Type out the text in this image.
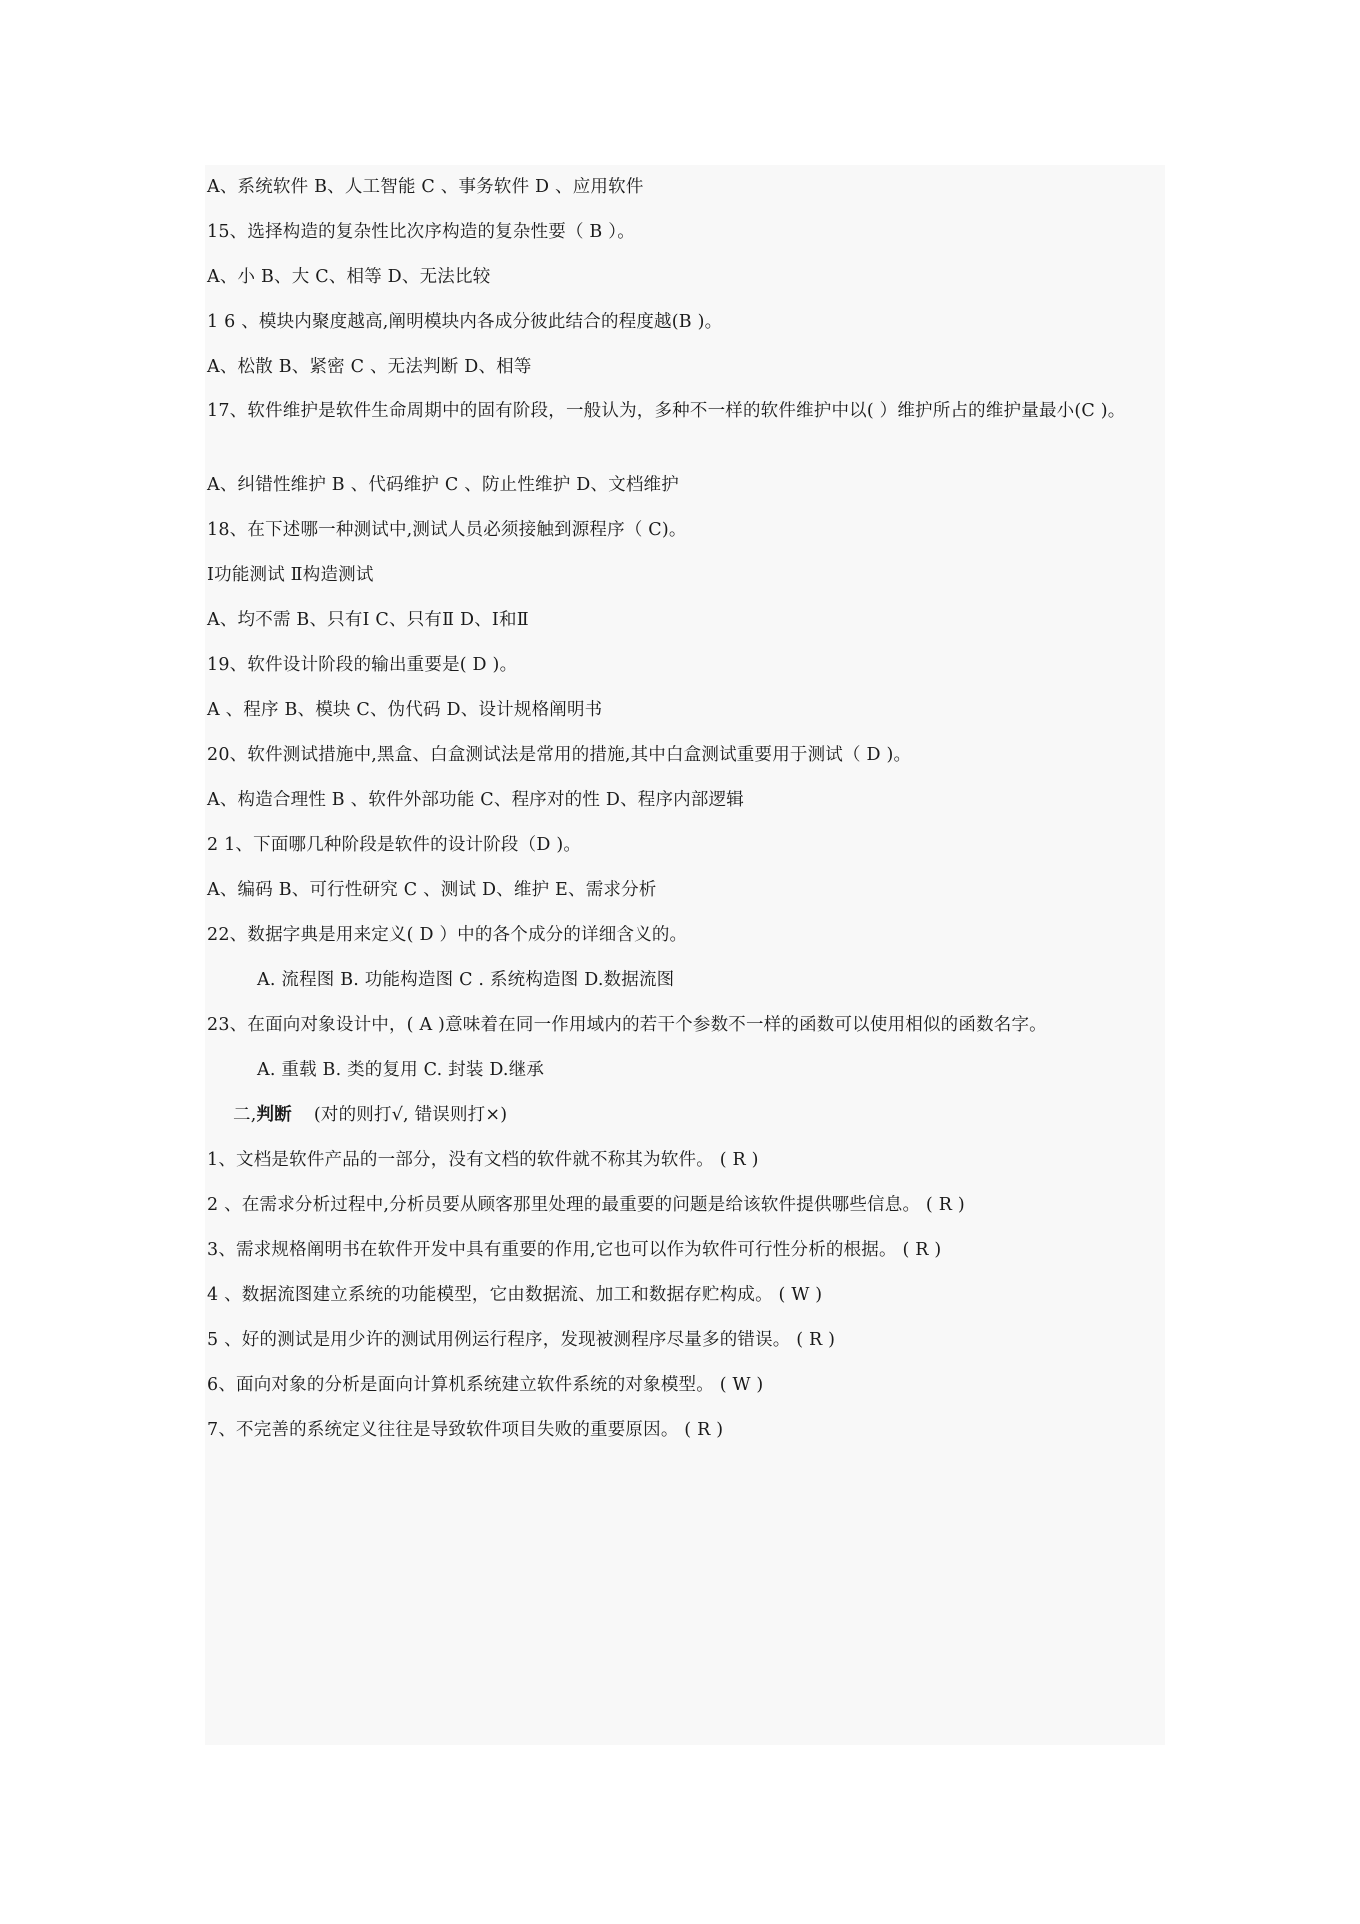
A、系统软件 B、人工智能 C 、事务软件 D 、应用软件
15、选择构造的复杂性比次序构造的复杂性要（ B ）。
A、小 B、大 C、相等 D、无法比较
1 6 、模块内聚度越高,阐明模块内各成分彼此结合的程度越(B )。
A、松散 B、紧密 C 、无法判断 D、相等
17、软件维护是软件生命周期中的固有阶段，一般认为，多种不一样的软件维护中以( ）维护所占的维护量最小(C )。
A、纠错性维护 B 、代码维护 C 、防止性维护 D、文档维护
18、在下述哪一种测试中,测试人员必须接触到源程序（ C)。
Ⅰ功能测试 Ⅱ构造测试
A、均不需 B、只有Ⅰ C、只有Ⅱ D、Ⅰ和Ⅱ
19、软件设计阶段的输出重要是( D )。
A 、程序 B、模块 C、伪代码 D、设计规格阐明书
20、软件测试措施中,黑盒、白盒测试法是常用的措施,其中白盒测试重要用于测试（ D )。
A、构造合理性 B 、软件外部功能 C、程序对的性 D、程序内部逻辑
2 1、下面哪几种阶段是软件的设计阶段（D )。
A、编码 B、可行性研究 C 、测试 D、维护 E、需求分析
22、数据字典是用来定义( D ）中的各个成分的详细含义的。
A. 流程图 B. 功能构造图 C . 系统构造图 D.数据流图
23、在面向对象设计中，( A )意味着在同一作用域内的若干个参数不一样的函数可以使用相似的函数名字。
A. 重载 B. 类的复用 C. 封装 D.继承
二,判断 (对的则打√, 错误则打×)
1、文档是软件产品的一部分，没有文档的软件就不称其为软件。 ( R )
2 、在需求分析过程中,分析员要从顾客那里处理的最重要的问题是给该软件提供哪些信息。 ( R )
3、需求规格阐明书在软件开发中具有重要的作用,它也可以作为软件可行性分析的根据。 ( R )
4 、数据流图建立系统的功能模型，它由数据流、加工和数据存贮构成。 ( W )
5 、好的测试是用少许的测试用例运行程序，发现被测程序尽量多的错误。 ( R )
6、面向对象的分析是面向计算机系统建立软件系统的对象模型。 ( W )
7、不完善的系统定义往往是导致软件项目失败的重要原因。 ( R )
